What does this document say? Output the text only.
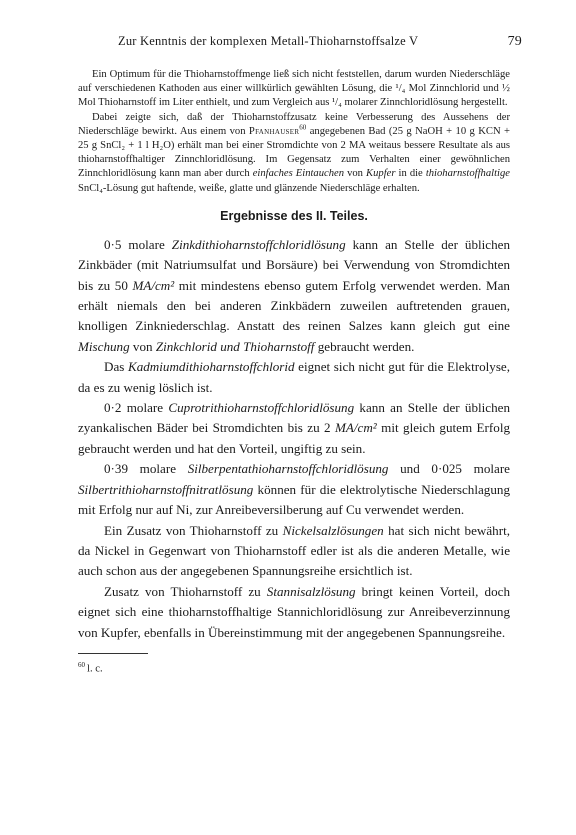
Zur Kenntnis der komplexen Metall-Thioharnstoffsalze V	79

Ein Optimum für die Thioharnstoffmenge ließ sich nicht feststellen, darum wurden Niederschläge auf verschiedenen Kathoden aus einer willkürlich gewählten Lösung, die ¹/₄ Mol Zinnchlorid und ½ Mol Thioharnstoff im Liter enthielt, und zum Vergleich aus ¹/₄ molarer Zinnchloridlösung hergestellt.

Dabei zeigte sich, daß der Thioharnstoffzusatz keine Verbesserung des Aussehens der Niederschläge bewirkt. Aus einem von Pfanhauser$^{60}$ angegebenen Bad (25 g NaOH + 10 g KCN + 25 g SnCl₂ + 1 l H₂O) erhält man bei einer Stromdichte von 2 MA weitaus bessere Resultate als aus thioharnstoffhaltiger Zinnchloridlösung. Im Gegensatz zum Verhalten einer gewöhnlichen Zinnchloridlösung kann man aber durch einfaches Eintauchen von Kupfer in die thioharnstoffhaltige SnCl₄-Lösung gut haftende, weiße, glatte und glänzende Niederschläge erhalten.

Ergebnisse des II. Teiles.

0·5 molare Zinkdithioharnstoffchloridlösung kann an Stelle der üblichen Zinkbäder (mit Natriumsulfat und Borsäure) bei Verwendung von Stromdichten bis zu 50 MA/cm² mit mindestens ebenso gutem Erfolg verwendet werden. Man erhält niemals den bei anderen Zinkbädern zuweilen auftretenden grauen, knolligen Zinkniederschlag. Anstatt des reinen Salzes kann gleich gut eine Mischung von Zinkchlorid und Thioharnstoff gebraucht werden.

Das Kadmiumdithioharnstoffchlorid eignet sich nicht gut für die Elektrolyse, da es zu wenig löslich ist.

0·2 molare Cuprotrithioharnstoffchloridlösung kann an Stelle der üblichen zyankalischen Bäder bei Stromdichten bis zu 2 MA/cm² mit gleich gutem Erfolg gebraucht werden und hat den Vorteil, ungiftig zu sein.

0·39 molare Silberpentathioharnstoffchloridlösung und 0·025 molare Silbertrithioharnstoffnitratlösung können für die elektrolytische Niederschlagung mit Erfolg nur auf Ni, zur Anreibeversilberung auf Cu verwendet werden.

Ein Zusatz von Thioharnstoff zu Nickelsalzlösungen hat sich nicht bewährt, da Nickel in Gegenwart von Thioharnstoff edler ist als die anderen Metalle, wie auch schon aus der angegebenen Spannungsreihe ersichtlich ist.

Zusatz von Thioharnstoff zu Stannisalzlösung bringt keinen Vorteil, doch eignet sich eine thioharnstoffhaltige Stannichloridlösung zur Anreibeverzinnung von Kupfer, ebenfalls in Übereinstimmung mit der angegebenen Spannungsreihe.

$^{60}$ l. c.
